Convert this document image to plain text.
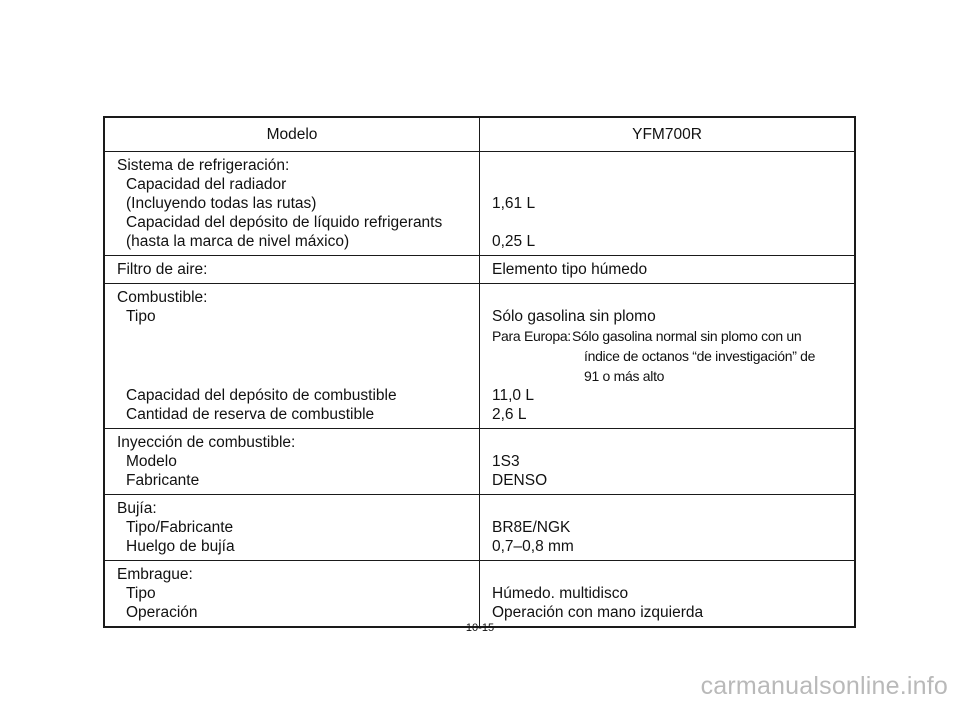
Modelo	YFM700R
Sistema de refrigeración:
Capacidad del radiador
(Incluyendo todas las rutas)
Capacidad del depósito de líquido refrigerants
(hasta la marca de nivel máxico)
1,61 L
0,25 L
Filtro de aire:	Elemento tipo húmedo
Combustible:
Tipo
Capacidad del depósito de combustible
Cantidad de reserva de combustible
Sólo gasolina sin plomo
Para Europa: Sólo gasolina normal sin plomo con un
índice de octanos “de investigación” de
91 o más alto
11,0 L
2,6 L
Inyección de combustible:
Modelo
Fabricante
1S3
DENSO
Bujía:
Tipo/Fabricante
Huelgo de bujía
BR8E/NGK
0,7–0,8 mm
Embrague:
Tipo
Operación
Húmedo. multidisco
Operación con mano izquierda
10-15
carmanualsonline.info
